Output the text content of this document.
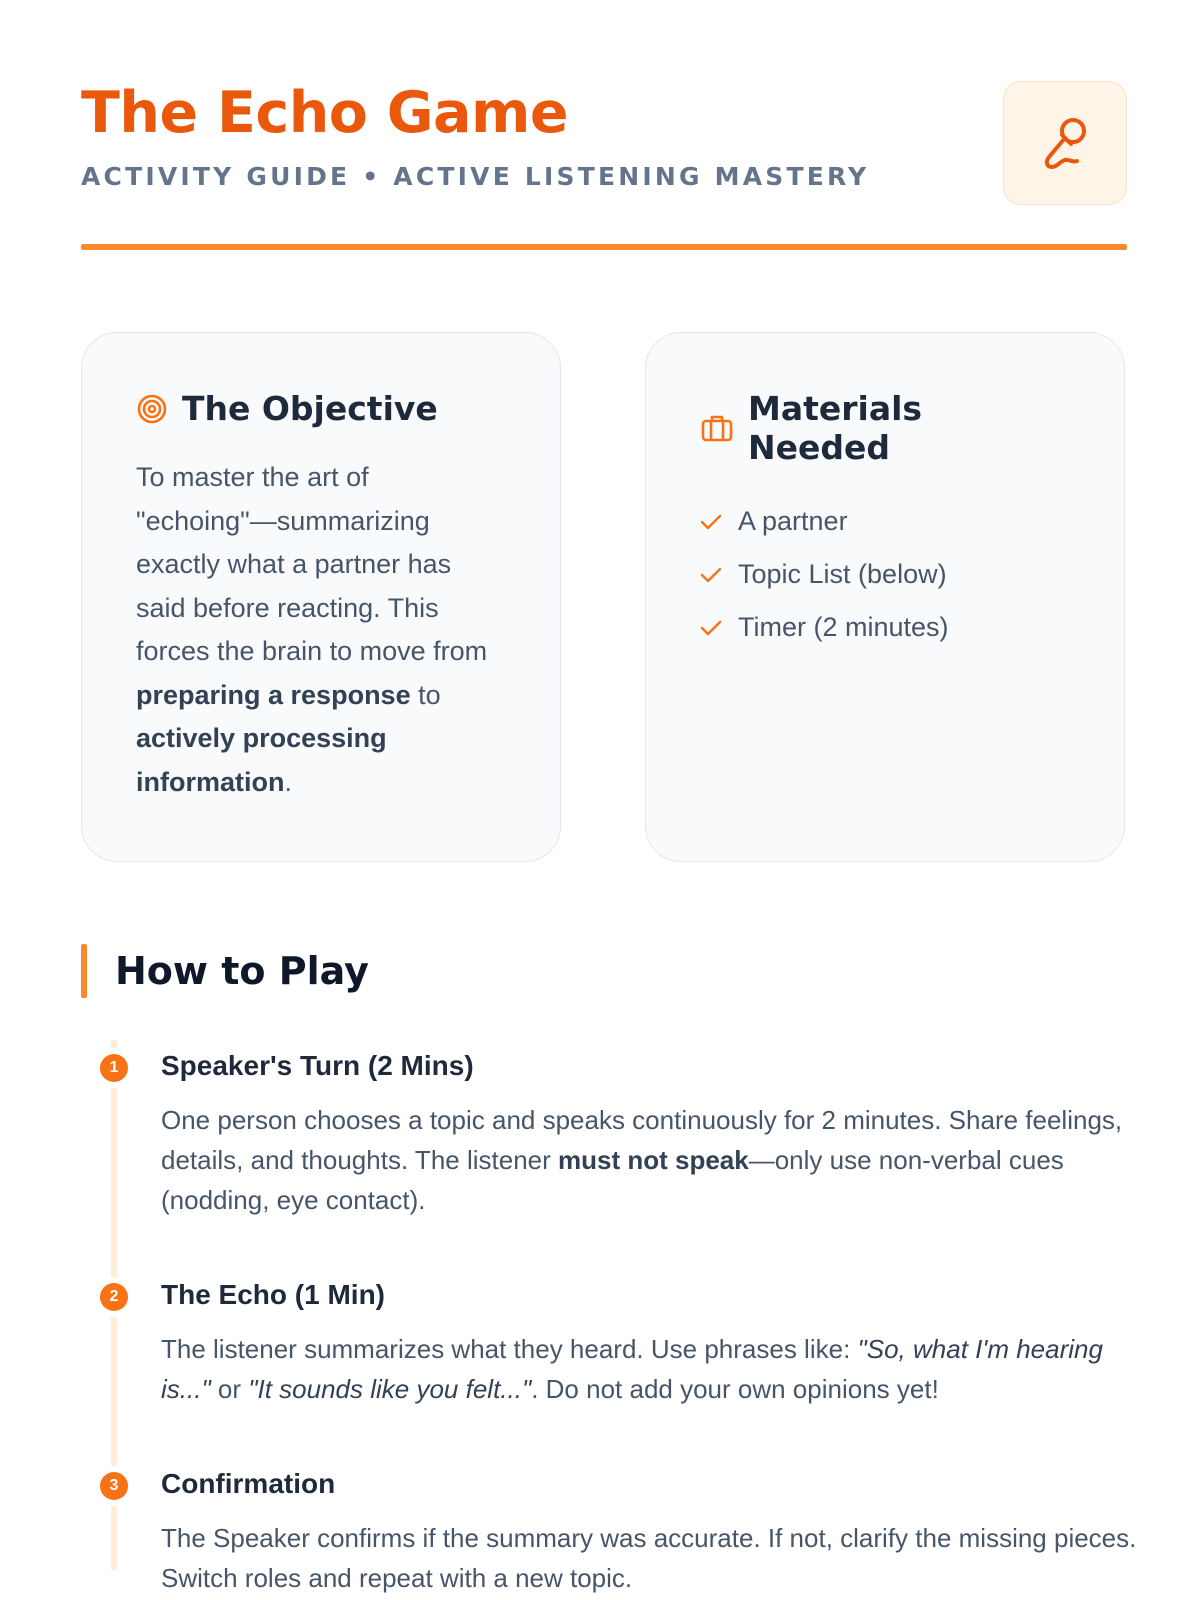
The Echo Game
ACTIVITY GUIDE • ACTIVE LISTENING MASTERY
The Objective
To master the art of "echoing"—summarizing exactly what a partner has said before reacting. This forces the brain to move from preparing a response to actively processing information.
Materials Needed
A partner
Topic List (below)
Timer (2 minutes)
How to Play
1	Speaker's Turn (2 Mins)
One person chooses a topic and speaks continuously for 2 minutes. Share feelings, details, and thoughts. The listener must not speak—only use non-verbal cues (nodding, eye contact).
2	The Echo (1 Min)
The listener summarizes what they heard. Use phrases like: "So, what I'm hearing is..." or "It sounds like you felt...". Do not add your own opinions yet!
3	Confirmation
The Speaker confirms if the summary was accurate. If not, clarify the missing pieces. Switch roles and repeat with a new topic.
